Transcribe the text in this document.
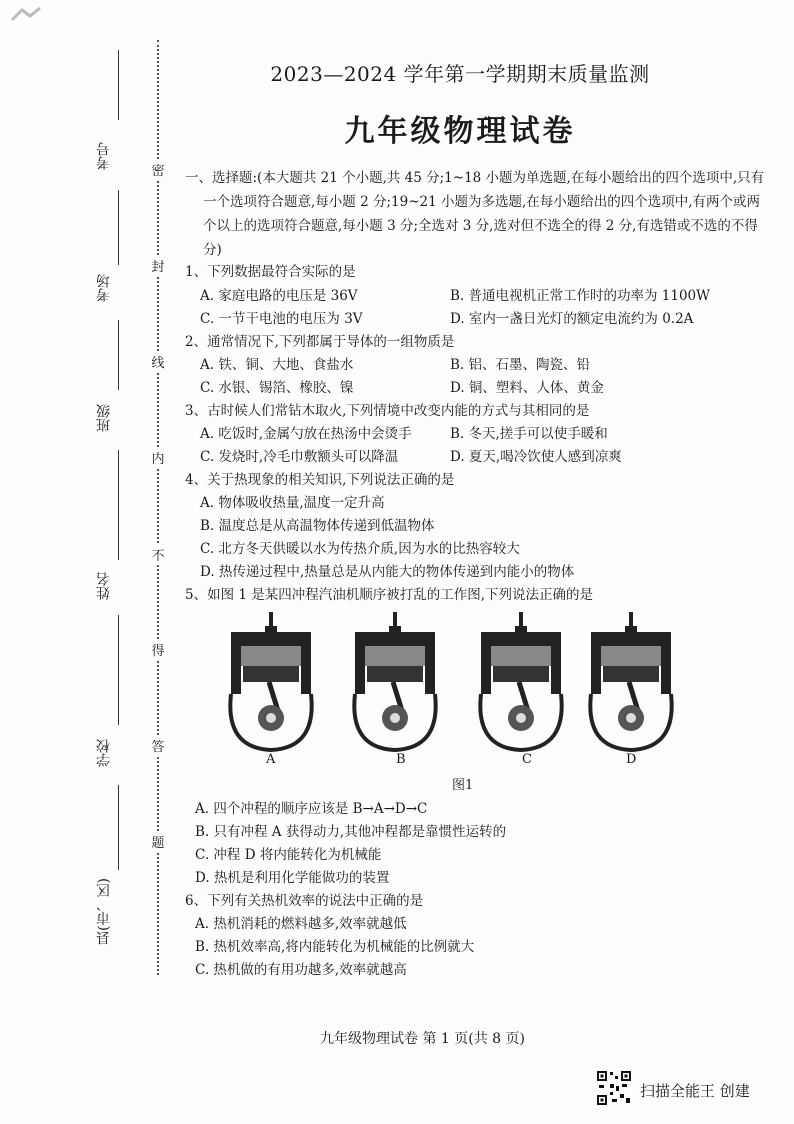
密
封
线
内
不
得
答
题
考号
考场
班级
姓名
学校
县(市、区)
2023—2024 学年第一学期期末质量监测
九年级物理试卷
一、选择题:(本大题共 21 个小题,共 45 分;1~18 小题为单选题,在每小题给出的四个选项中,只有
一个选项符合题意,每小题 2 分;19~21 小题为多选题,在每小题给出的四个选项中,有两个或两
个以上的选项符合题意,每小题 3 分;全选对 3 分,选对但不选全的得 2 分,有选错或不选的不得
分)
1、下列数据最符合实际的是
A. 家庭电路的电压是 36V	B. 普通电视机正常工作时的功率为 1100W
C. 一节干电池的电压为 3V	D. 室内一盏日光灯的额定电流约为 0.2A
2、通常情况下,下列都属于导体的一组物质是
A. 铁、铜、大地、食盐水	B. 铝、石墨、陶瓷、铅
C. 水银、锡箔、橡胶、镍	D. 铜、塑料、人体、黄金
3、古时候人们常钻木取火,下列情境中改变内能的方式与其相同的是
A. 吃饭时,金属勺放在热汤中会烫手	B. 冬天,搓手可以使手暖和
C. 发烧时,冷毛巾敷额头可以降温	D. 夏天,喝冷饮使人感到凉爽
4、关于热现象的相关知识,下列说法正确的是
A. 物体吸收热量,温度一定升高
B. 温度总是从高温物体传递到低温物体
C. 北方冬天供暖以水为传热介质,因为水的比热容较大
D. 热传递过程中,热量总是从内能大的物体传递到内能小的物体
5、如图 1 是某四冲程汽油机顺序被打乱的工作图,下列说法正确的是
A	B	C	D
图1
A. 四个冲程的顺序应该是 B→A→D→C
B. 只有冲程 A 获得动力,其他冲程都是靠惯性运转的
C. 冲程 D 将内能转化为机械能
D. 热机是利用化学能做功的装置
6、下列有关热机效率的说法中正确的是
A. 热机消耗的燃料越多,效率就越低
B. 热机效率高,将内能转化为机械能的比例就大
C. 热机做的有用功越多,效率就越高
九年级物理试卷 第 1 页(共 8 页)
扫描全能王 创建
